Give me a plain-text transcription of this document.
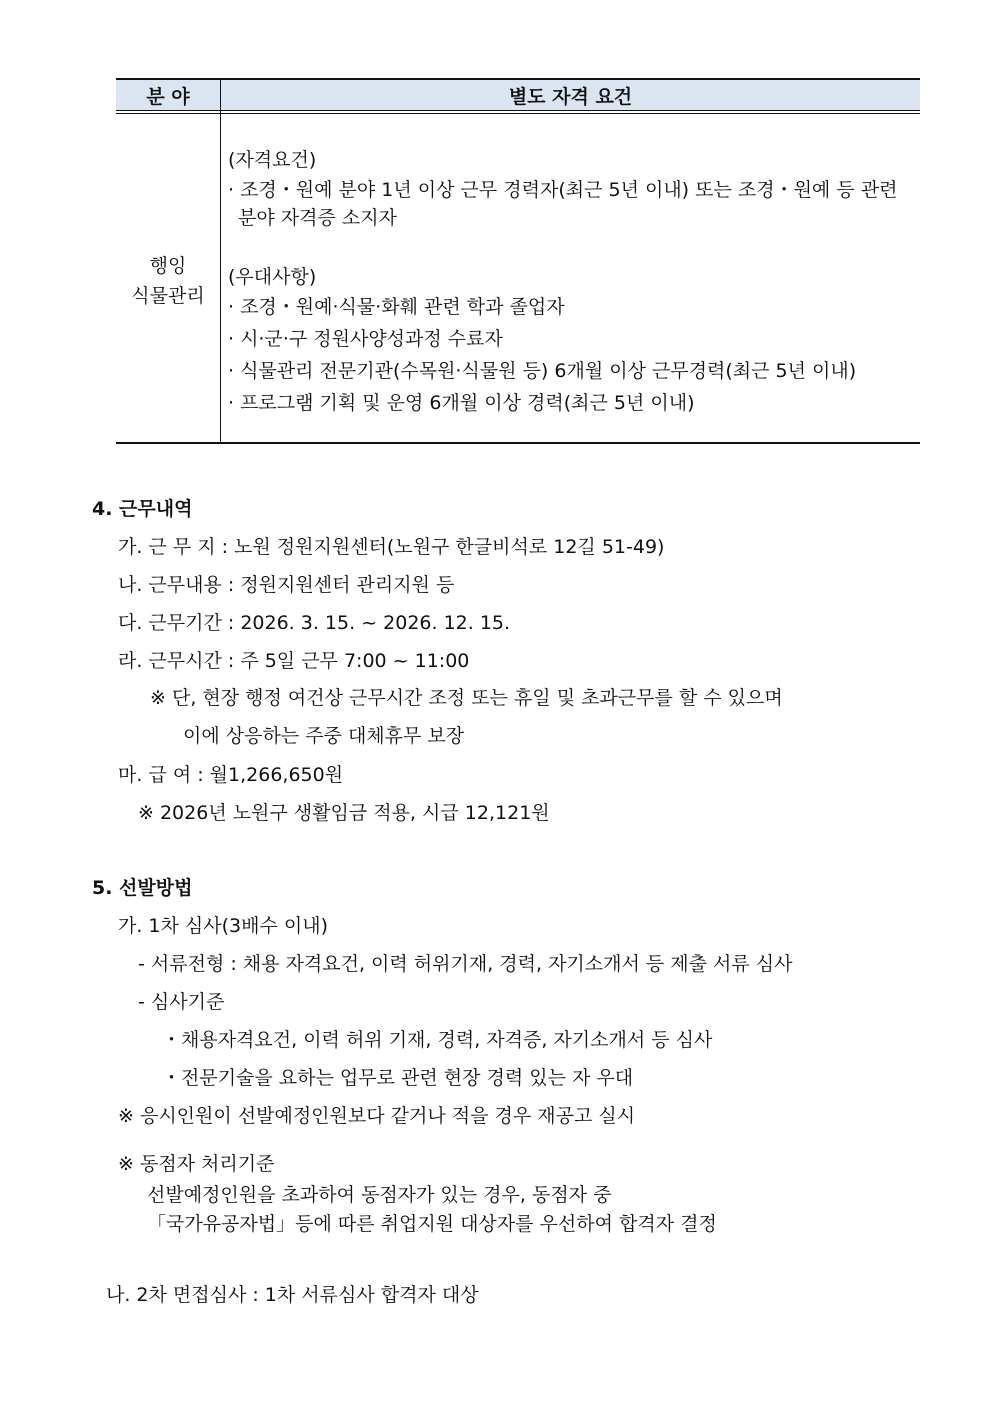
분 야	별도 자격 요건
행잉
식물관리
(자격요건)
· 조경・원예 분야 1년 이상 근무 경력자(최근 5년 이내) 또는 조경・원예 등 관련
분야 자격증 소지자
(우대사항)
· 조경・원예·식물·화훼 관련 학과 졸업자
· 시·군·구 정원사양성과정 수료자
· 식물관리 전문기관(수목원·식물원 등) 6개월 이상 근무경력(최근 5년 이내)
· 프로그램 기획 및 운영 6개월 이상 경력(최근 5년 이내)
4. 근무내역
가. 근 무 지 : 노원 정원지원센터(노원구 한글비석로 12길 51-49)
나. 근무내용 : 정원지원센터 관리지원 등
다. 근무기간 : 2026. 3. 15. ~ 2026. 12. 15.
라. 근무시간 : 주 5일 근무 7:00 ~ 11:00
※ 단, 현장 행정 여건상 근무시간 조정 또는 휴일 및 초과근무를 할 수 있으며
이에 상응하는 주중 대체휴무 보장
마. 급 여 : 월1,266,650원
※ 2026년 노원구 생활임금 적용, 시급 12,121원
5. 선발방법
가. 1차 심사(3배수 이내)
- 서류전형 : 채용 자격요건, 이력 허위기재, 경력, 자기소개서 등 제출 서류 심사
- 심사기준
・채용자격요건, 이력 허위 기재, 경력, 자격증, 자기소개서 등 심사
・전문기술을 요하는 업무로 관련 현장 경력 있는 자 우대
※ 응시인원이 선발예정인원보다 같거나 적을 경우 재공고 실시
※ 동점자 처리기준
선발예정인원을 초과하여 동점자가 있는 경우, 동점자 중
「국가유공자법」등에 따른 취업지원 대상자를 우선하여 합격자 결정
나. 2차 면접심사 : 1차 서류심사 합격자 대상
